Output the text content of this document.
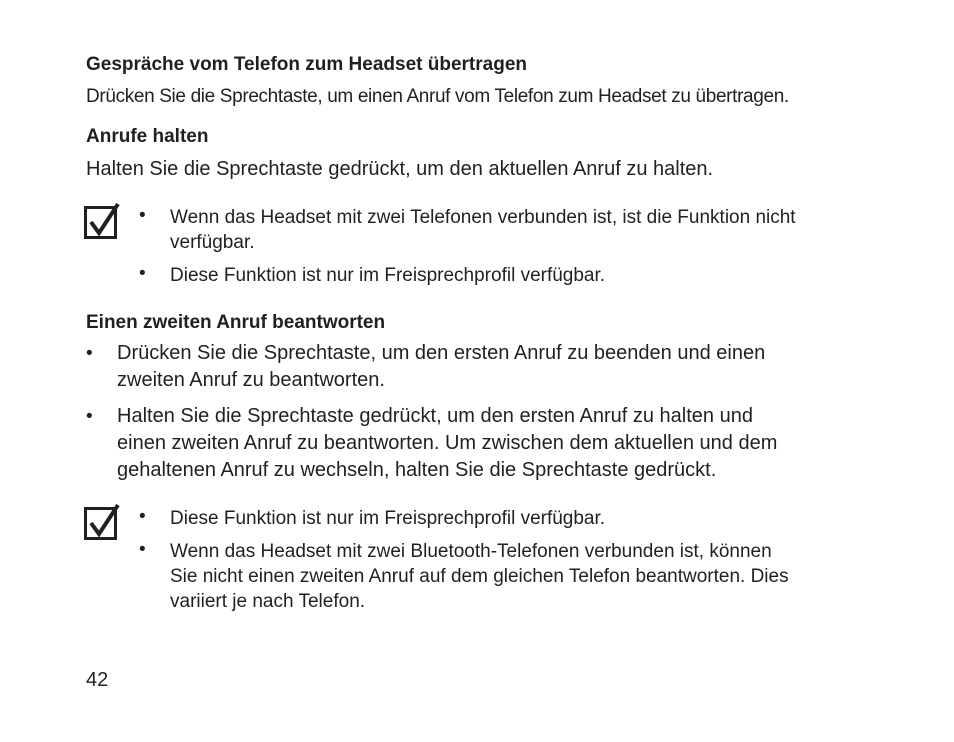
Gespräche vom Telefon zum Headset übertragen
Drücken Sie die Sprechtaste, um einen Anruf vom Telefon zum Headset zu übertragen.
Anrufe halten
Halten Sie die Sprechtaste gedrückt, um den aktuellen Anruf zu halten.
• Wenn das Headset mit zwei Telefonen verbunden ist, ist die Funktion nicht
verfügbar.
• Diese Funktion ist nur im Freisprechprofil verfügbar.
Einen zweiten Anruf beantworten
• Drücken Sie die Sprechtaste, um den ersten Anruf zu beenden und einen
zweiten Anruf zu beantworten.
• Halten Sie die Sprechtaste gedrückt, um den ersten Anruf zu halten und
einen zweiten Anruf zu beantworten. Um zwischen dem aktuellen und dem
gehaltenen Anruf zu wechseln, halten Sie die Sprechtaste gedrückt.
• Diese Funktion ist nur im Freisprechprofil verfügbar.
• Wenn das Headset mit zwei Bluetooth-Telefonen verbunden ist, können
Sie nicht einen zweiten Anruf auf dem gleichen Telefon beantworten. Dies
variiert je nach Telefon.
42
